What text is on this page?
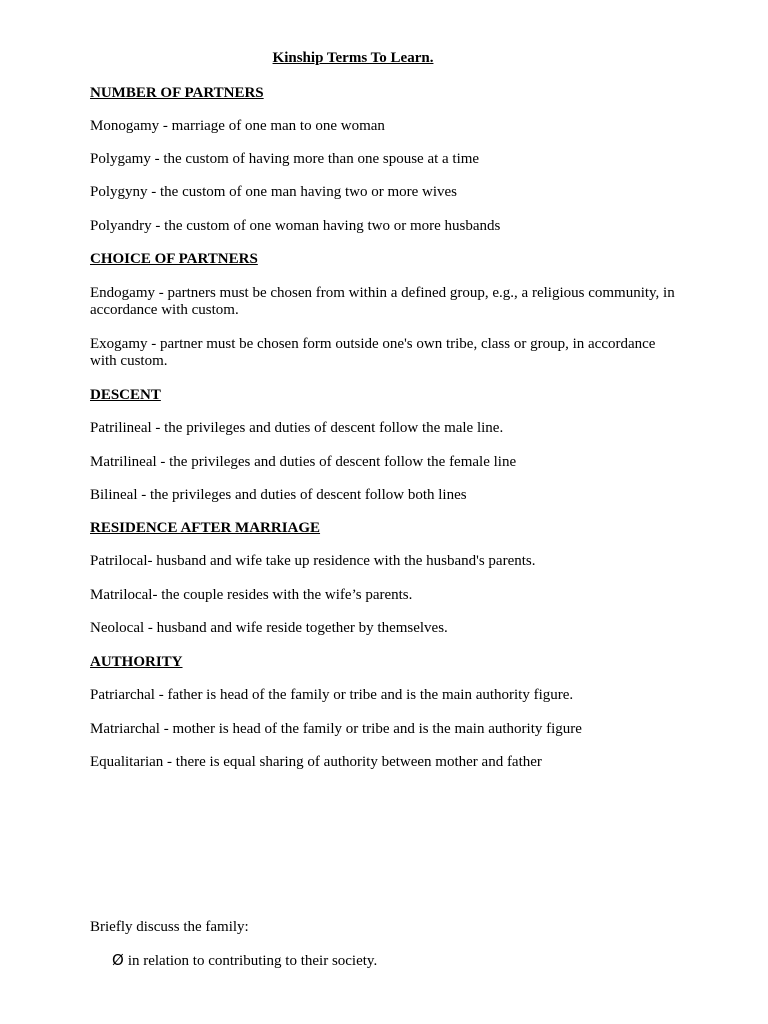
Kinship Terms To Learn.
NUMBER OF PARTNERS
Monogamy - marriage of one man to one woman
Polygamy - the custom of having more than one spouse at a time
Polygyny - the custom of one man having two or more wives
Polyandry - the custom of one woman having two or more husbands
CHOICE OF PARTNERS
Endogamy - partners must be chosen from within a defined group, e.g., a religious community, in accordance with custom.
Exogamy - partner must be chosen form outside one's own tribe, class or group, in accordance with custom.
DESCENT
Patrilineal - the privileges and duties of descent follow the male line.
Matrilineal - the privileges and duties of descent follow the female line
Bilineal - the privileges and duties of descent follow both lines
RESIDENCE AFTER MARRIAGE
Patrilocal- husband and wife take up residence with the husband's parents.
Matrilocal- the couple resides with the wife’s parents.
Neolocal - husband and wife reside together by themselves.
AUTHORITY
Patriarchal - father is head of the family or tribe and is the main authority figure.
Matriarchal - mother is head of the family or tribe and is the main authority figure
Equalitarian - there is equal sharing of authority between mother and father
Briefly discuss the family:
Ø in relation to contributing to their society.
